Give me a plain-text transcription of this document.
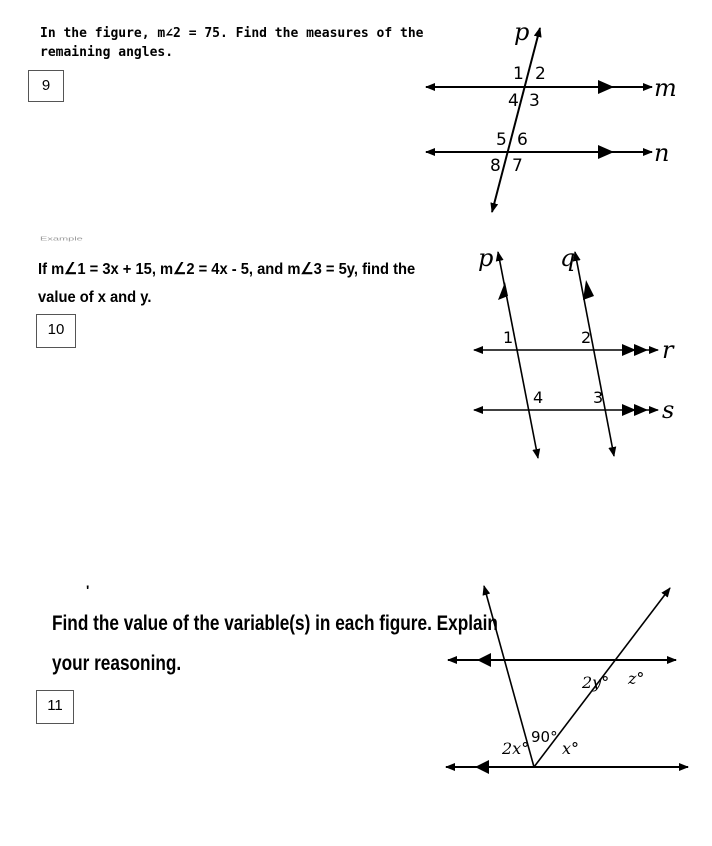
In the figure, m∠2 = 75. Find the measures of the
remaining angles.
9
Example
If m∠1 = 3x + 15, m∠2 = 4x - 5, and m∠3 = 5y, find the
value of x and y.
10
'
Find the value of the variable(s) in each figure. Explain
your reasoning.
11
p
m
n
1 2
4 3
5 6
8 7
p	q
r
s
1	2
4	3
2y° z°
2x°
90°
x°
